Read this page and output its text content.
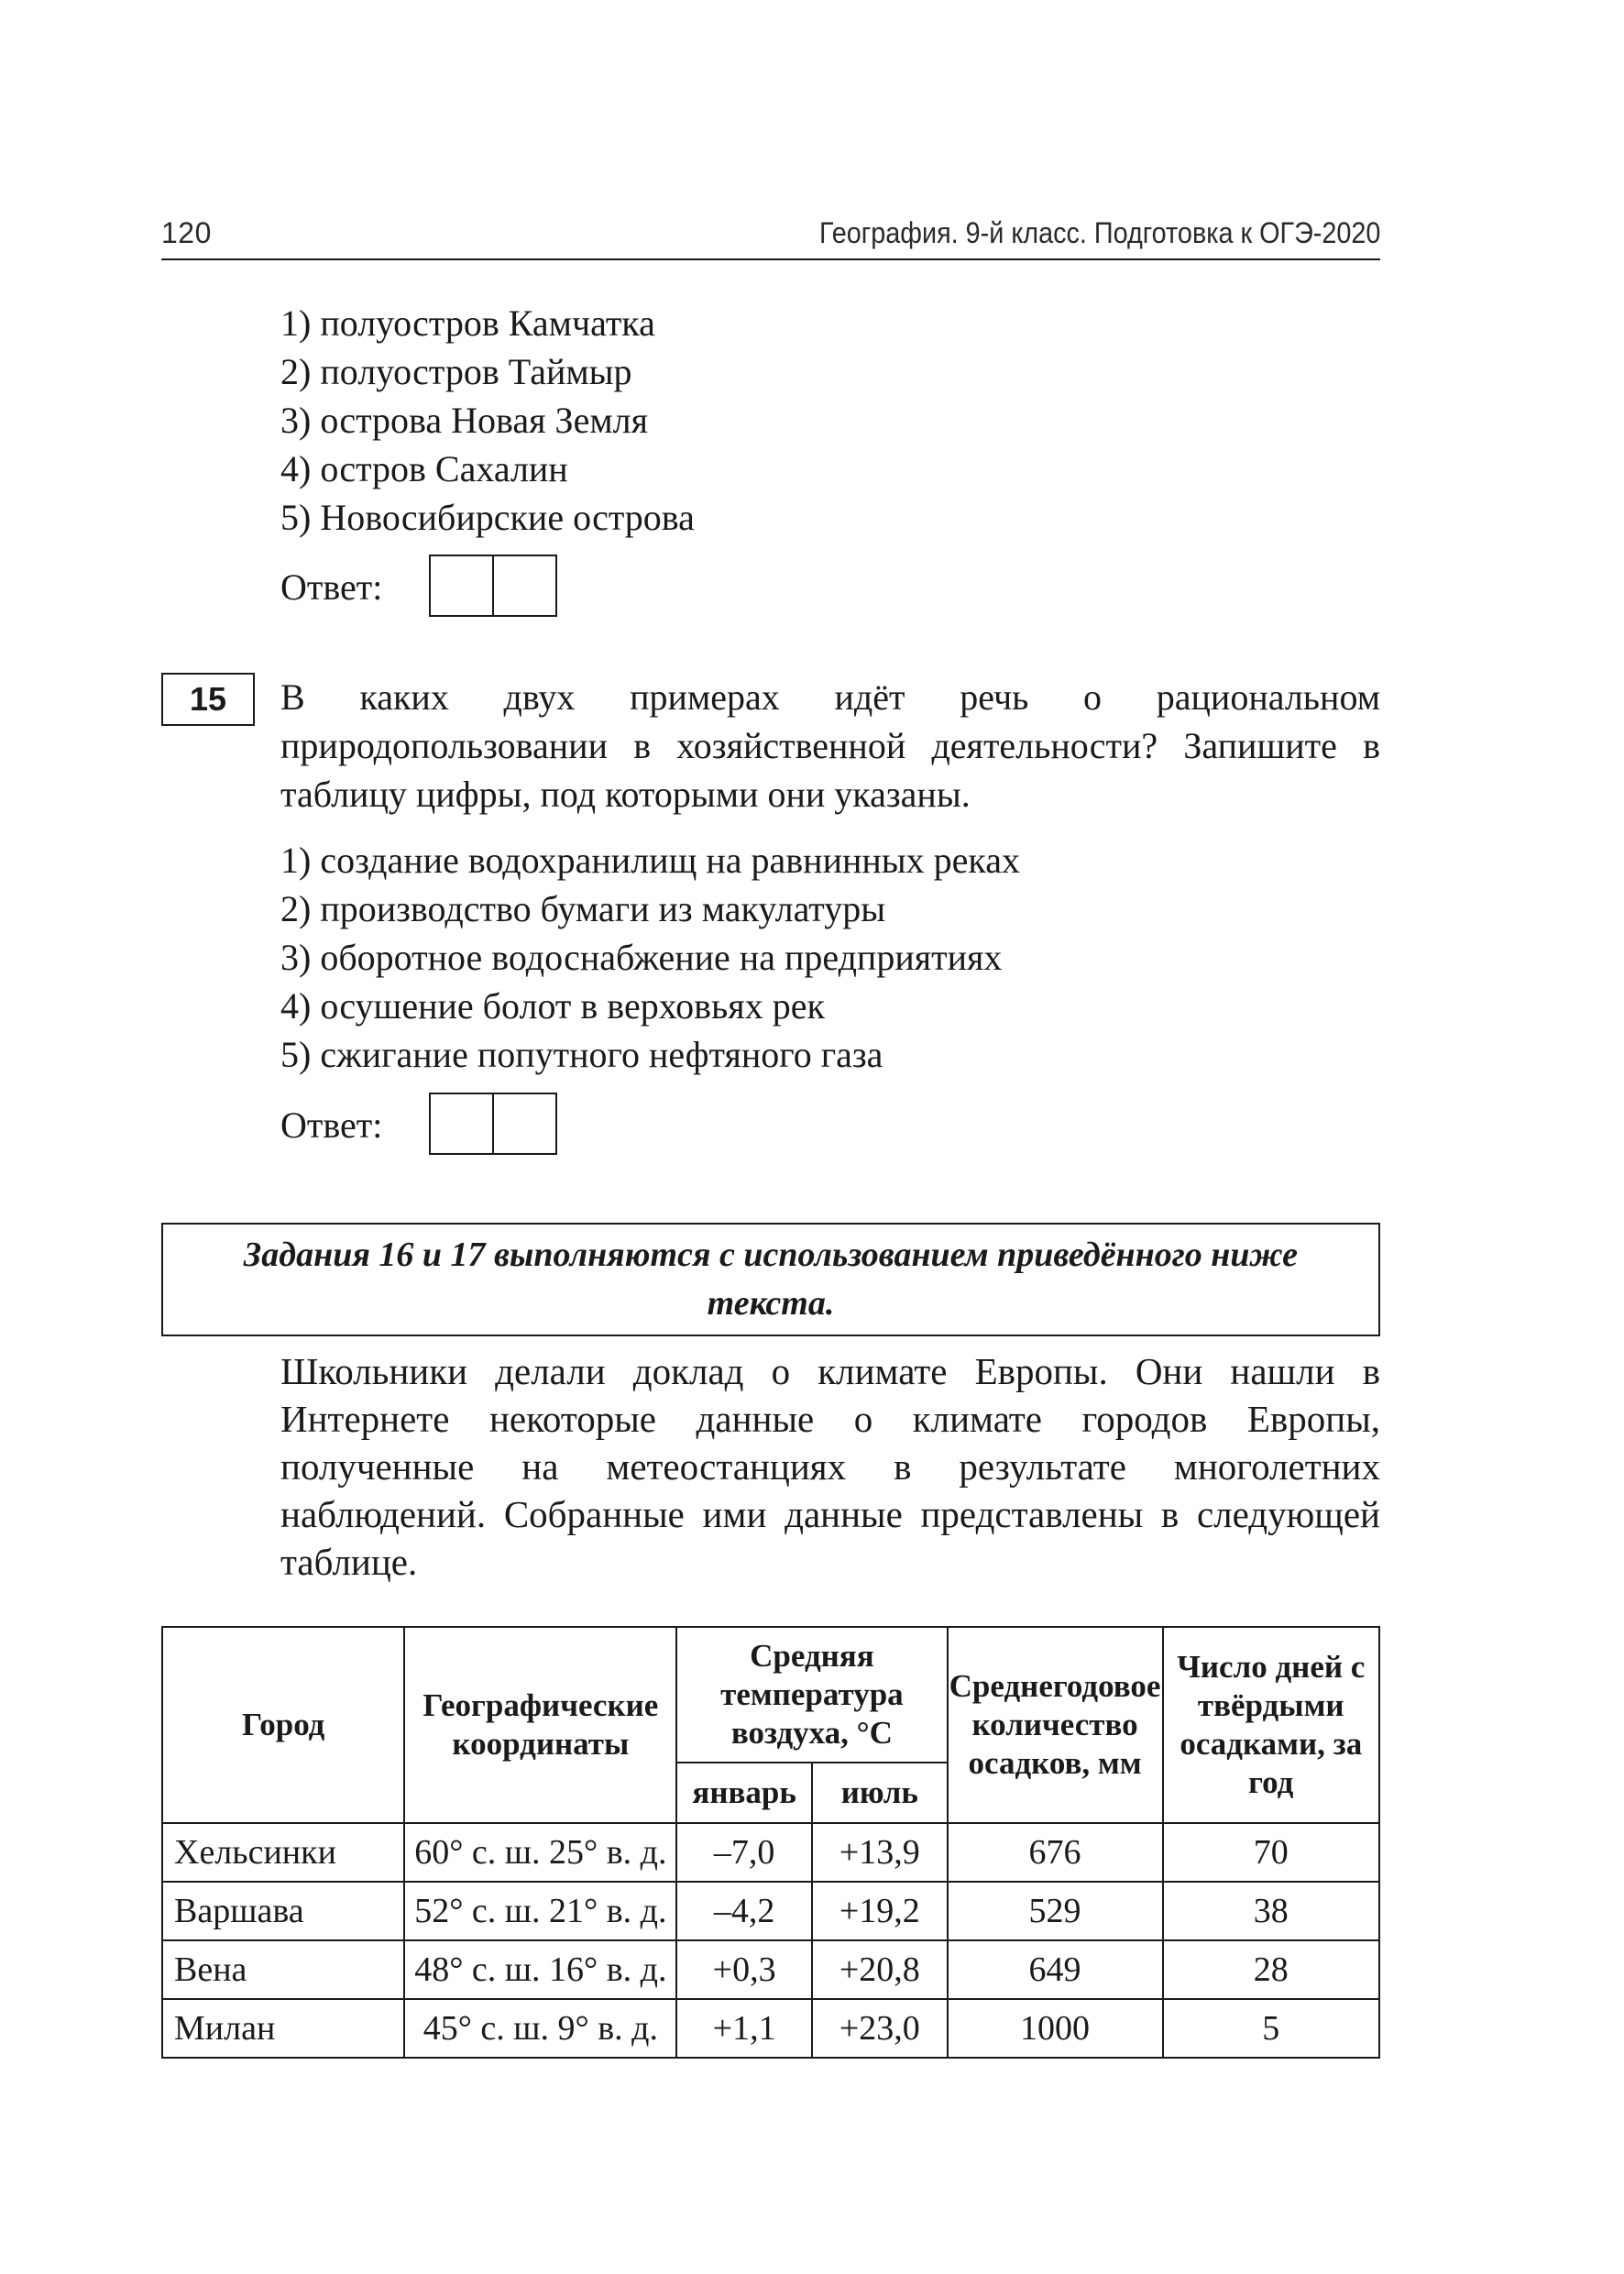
120	География. 9-й класс. Подготовка к ОГЭ-2020
1) полуостров Камчатка
2) полуостров Таймыр
3) острова Новая Земля
4) остров Сахалин
5) Новосибирские острова
Ответ:
15	В каких двух примерах идёт речь о рациональном природопользовании в хозяйственной деятельности? Запишите в таблицу цифры, под которыми они указаны.

1) создание водохранилищ на равнинных реках
2) производство бумаги из макулатуры
3) оборотное водоснабжение на предприятиях
4) осушение болот в верховьях рек
5) сжигание попутного нефтяного газа
Ответ:
Задания 16 и 17 выполняются с использованием приведённого ниже текста.

Школьники делали доклад о климате Европы. Они нашли в Интернете некоторые данные о климате городов Европы, полученные на метеостанциях в результате многолетних наблюдений. Собранные ими данные представлены в следующей таблице.

Город	Географические координаты	Средняя температура воздуха, °С		Среднегодовое количество осадков, мм	Число дней с твёрдыми осадками, за год
		январь	июль		
Хельсинки	60° с. ш. 25° в. д.	–7,0	+13,9	676	70
Варшава	52° с. ш. 21° в. д.	–4,2	+19,2	529	38
Вена	48° с. ш. 16° в. д.	+0,3	+20,8	649	28
Милан	45° с. ш. 9° в. д.	+1,1	+23,0	1000	5
